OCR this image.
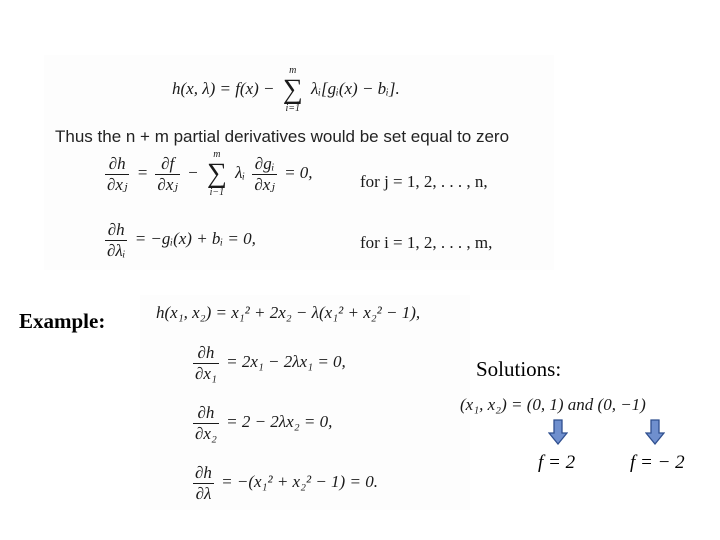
h(x, λ) = f(x) −
m
∑
i=1
λᵢ[gᵢ(x) − bᵢ].
Thus the n + m partial derivatives would be set equal to zero
$\frac{\partial h}{\text{∂xⱼ}} = \frac{\partial f}{\text{∂xⱼ}}$ −
m
∑
i−1
λᵢ $\frac{\text{∂gᵢ}}{\text{∂xⱼ}} = 0$,	for j = 1, 2, . . . , n,
$\frac{\partial h}{\text{∂λᵢ}}$ = −gᵢ(x) + bᵢ = 0,	for i = 1, 2, . . . , m,
Example:	h(x₁, x₂) = x₁² + 2x₂ − λ(x₁² + x₂² − 1),
$\frac{\partial h}{\text{∂x₁}} = 2x_1 - 2\lambda x_1 = 0$,
$\frac{\partial h}{\text{∂x₂}} = 2 - 2\lambda x_2 = 0$,
$\frac{\partial h}{\partial\lambda} = -(x_1^2 + x_2^2 - 1) = 0$.
Solutions:
(x₁, x₂) = (0, 1) and (0, −1)
f = 2	f = − 2
